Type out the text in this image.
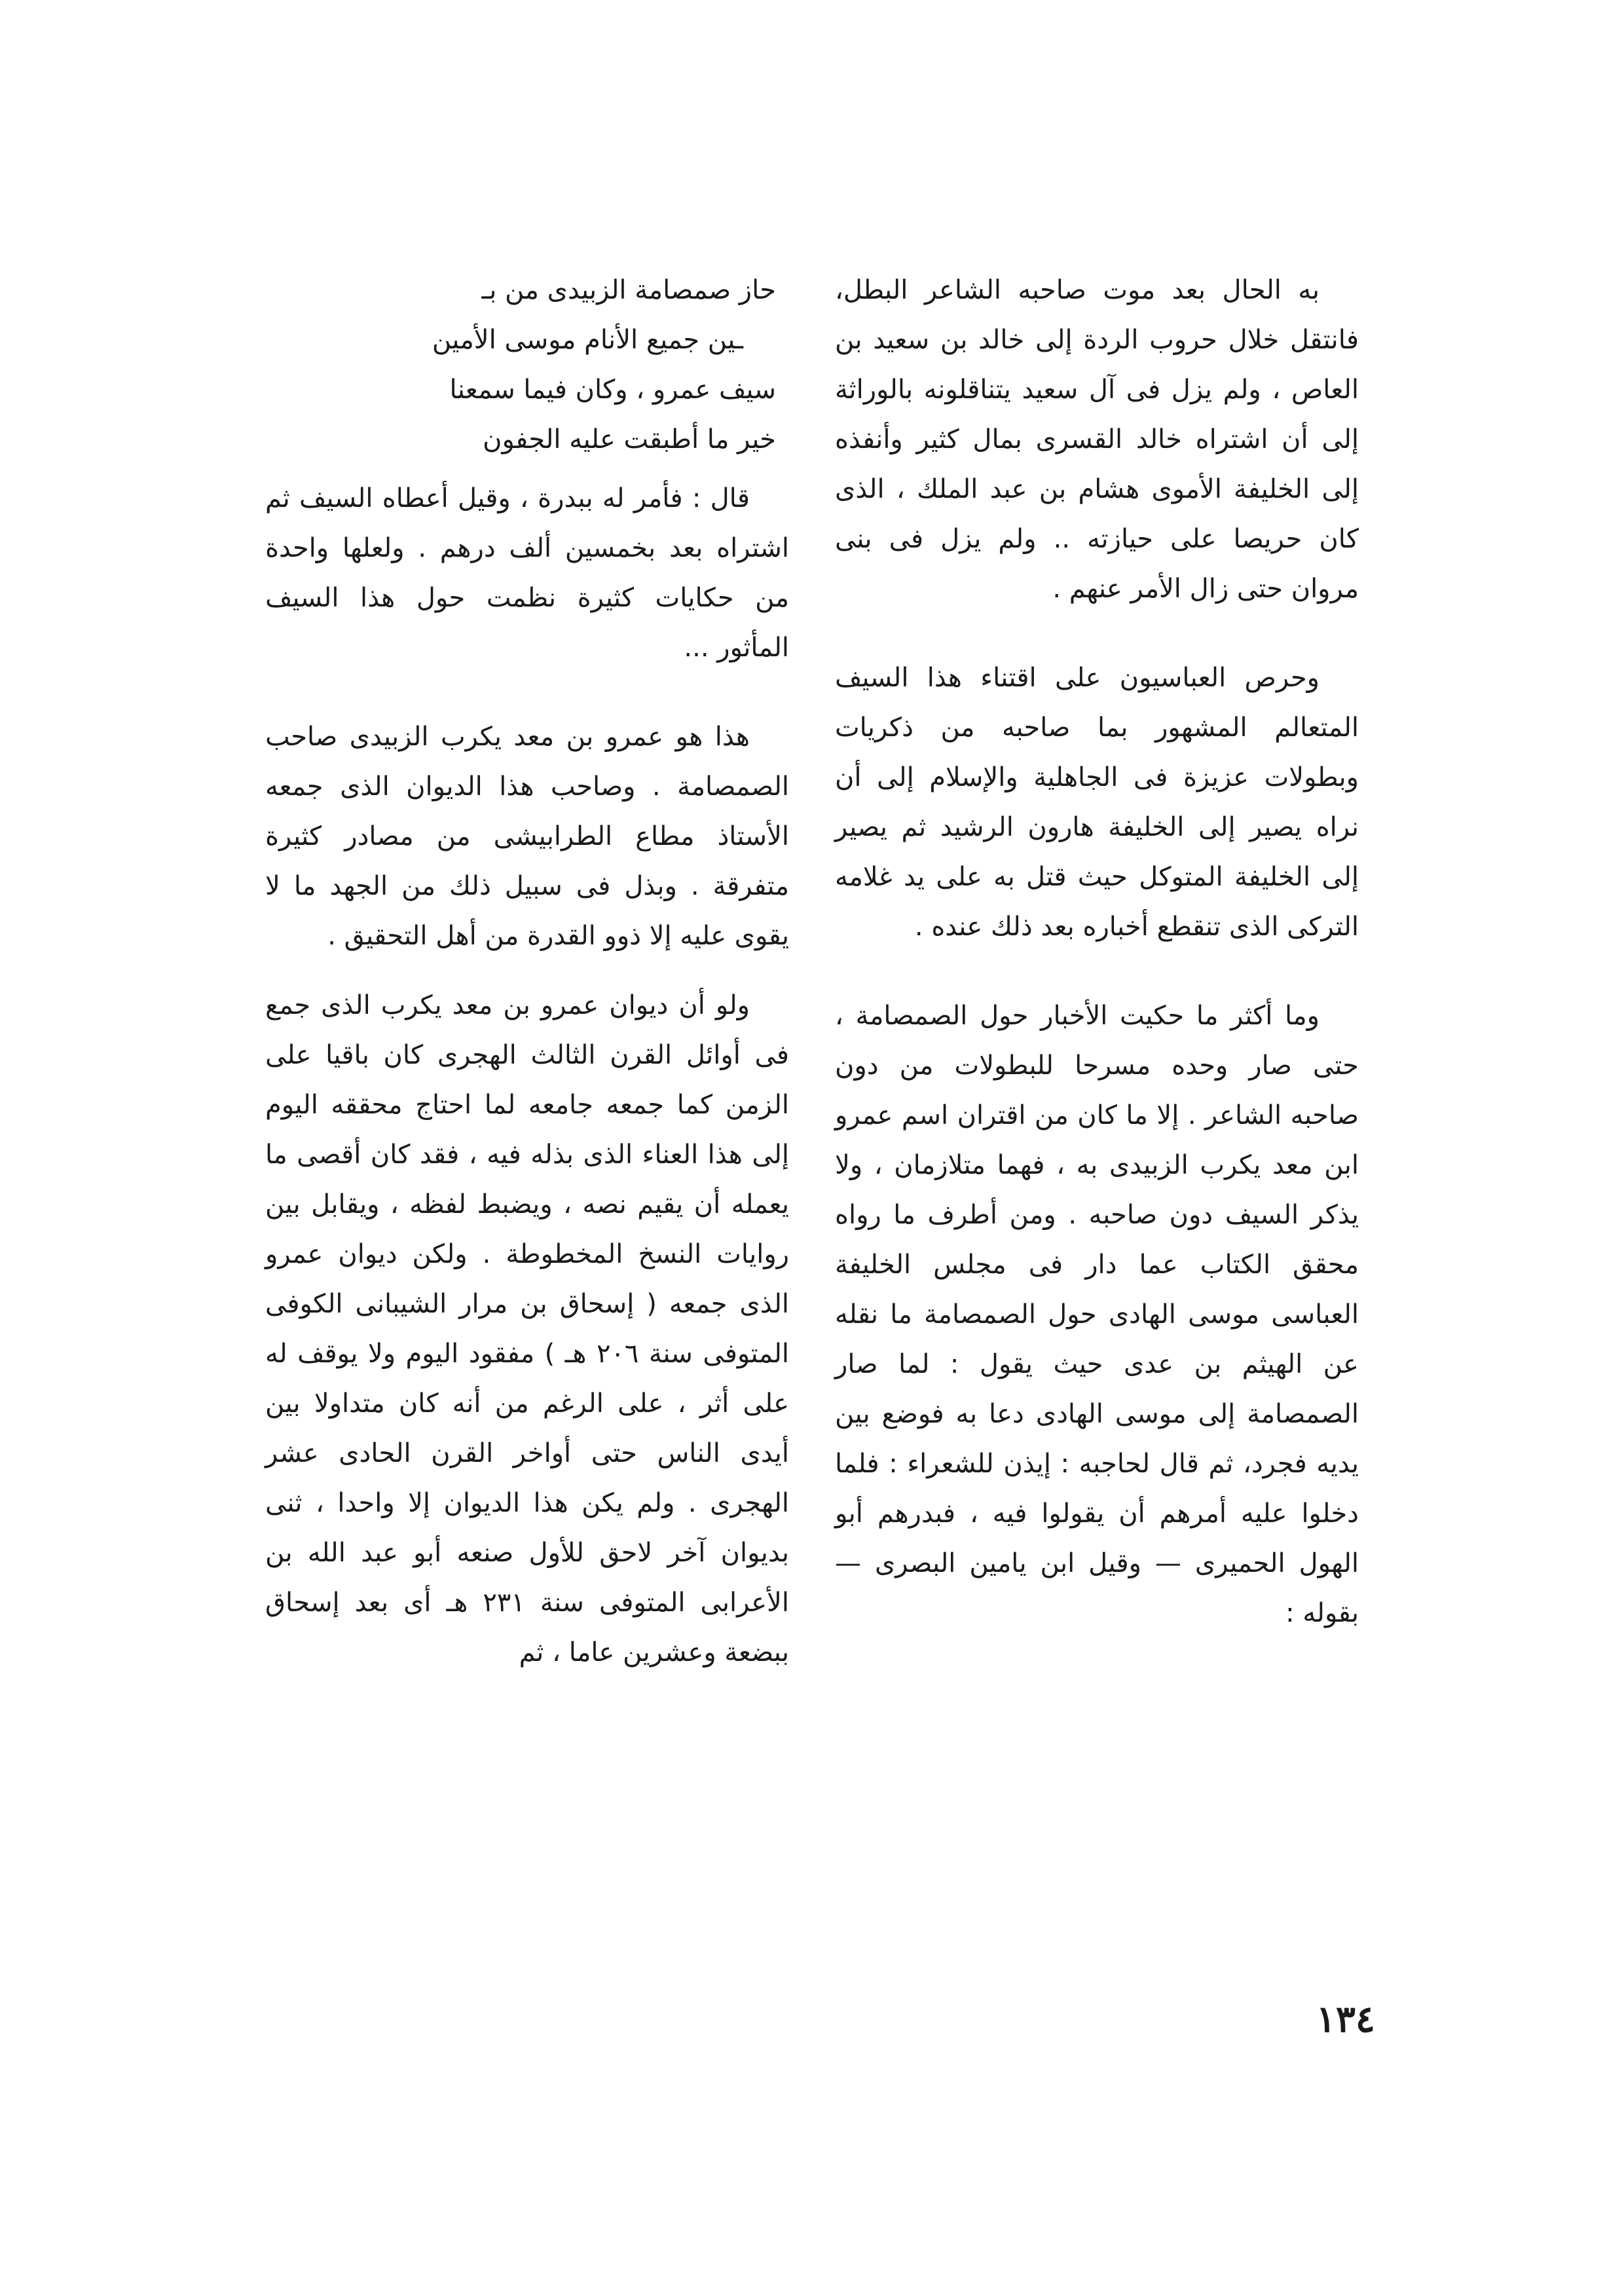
به الحال بعد موت صاحبه الشاعر البطل، فانتقل خلال حروب الردة إلى خالد بن سعيد بن العاص ، ولم يزل فى آل سعيد يتناقلونه بالوراثة إلى أن اشتراه خالد القسرى بمال كثير وأنفذه إلى الخليفة الأموى هشام بن عبد الملك ، الذى كان حريصا على حيازته .. ولم يزل فى بنى مروان حتى زال الأمر عنهم .

وحرص العباسيون على اقتناء هذا السيف المتعالم المشهور بما صاحبه من ذكريات وبطولات عزيزة فى الجاهلية والإسلام إلى أن نراه يصير إلى الخليفة هارون الرشيد ثم يصير إلى الخليفة المتوكل حيث قتل به على يد غلامه التركى الذى تنقطع أخباره بعد ذلك عنده .

وما أكثر ما حكيت الأخبار حول الصمصامة ، حتى صار وحده مسرحا للبطولات من دون صاحبه الشاعر . إلا ما كان من اقتران اسم عمرو ابن معد يكرب الزبيدى به ، فهما متلازمان ، ولا يذكر السيف دون صاحبه . ومن أطرف ما رواه محقق الكتاب عما دار فى مجلس الخليفة العباسى موسى الهادى حول الصمصامة ما نقله عن الهيثم بن عدى حيث يقول : لما صار الصمصامة إلى موسى الهادى دعا به فوضع بين يديه فجرد، ثم قال لحاجبه : إيذن للشعراء : فلما دخلوا عليه أمرهم أن يقولوا فيه ، فبدرهم أبو الهول الحميرى — وقيل ابن يامين البصرى — بقوله :

حاز صمصامة الزبيدى من بـ
ـين جميع الأنام موسى الأمين
سيف عمرو ، وكان فيما سمعنا
خير ما أطبقت عليه الجفون

قال : فأمر له ببدرة ، وقيل أعطاه السيف ثم اشتراه بعد بخمسين ألف درهم . ولعلها واحدة من حكايات كثيرة نظمت حول هذا السيف المأثور ...

هذا هو عمرو بن معد يكرب الزبيدى صاحب الصمصامة . وصاحب هذا الديوان الذى جمعه الأستاذ مطاع الطرابيشى من مصادر كثيرة متفرقة . وبذل فى سبيل ذلك من الجهد ما لا يقوى عليه إلا ذوو القدرة من أهل التحقيق .

ولو أن ديوان عمرو بن معد يكرب الذى جمع فى أوائل القرن الثالث الهجرى كان باقيا على الزمن كما جمعه جامعه لما احتاج محققه اليوم إلى هذا العناء الذى بذله فيه ، فقد كان أقصى ما يعمله أن يقيم نصه ، ويضبط لفظه ، ويقابل بين روايات النسخ المخطوطة . ولكن ديوان عمرو الذى جمعه ( إسحاق بن مرار الشيبانى الكوفى المتوفى سنة ٢٠٦ هـ ) مفقود اليوم ولا يوقف له على أثر ، على الرغم من أنه كان متداولا بين أيدى الناس حتى أواخر القرن الحادى عشر الهجرى . ولم يكن هذا الديوان إلا واحدا ، ثنى بديوان آخر لاحق للأول صنعه أبو عبد الله بن الأعرابى المتوفى سنة ٢٣١ هـ أى بعد إسحاق ببضعة وعشرين عاما ، ثم

١٣٤
